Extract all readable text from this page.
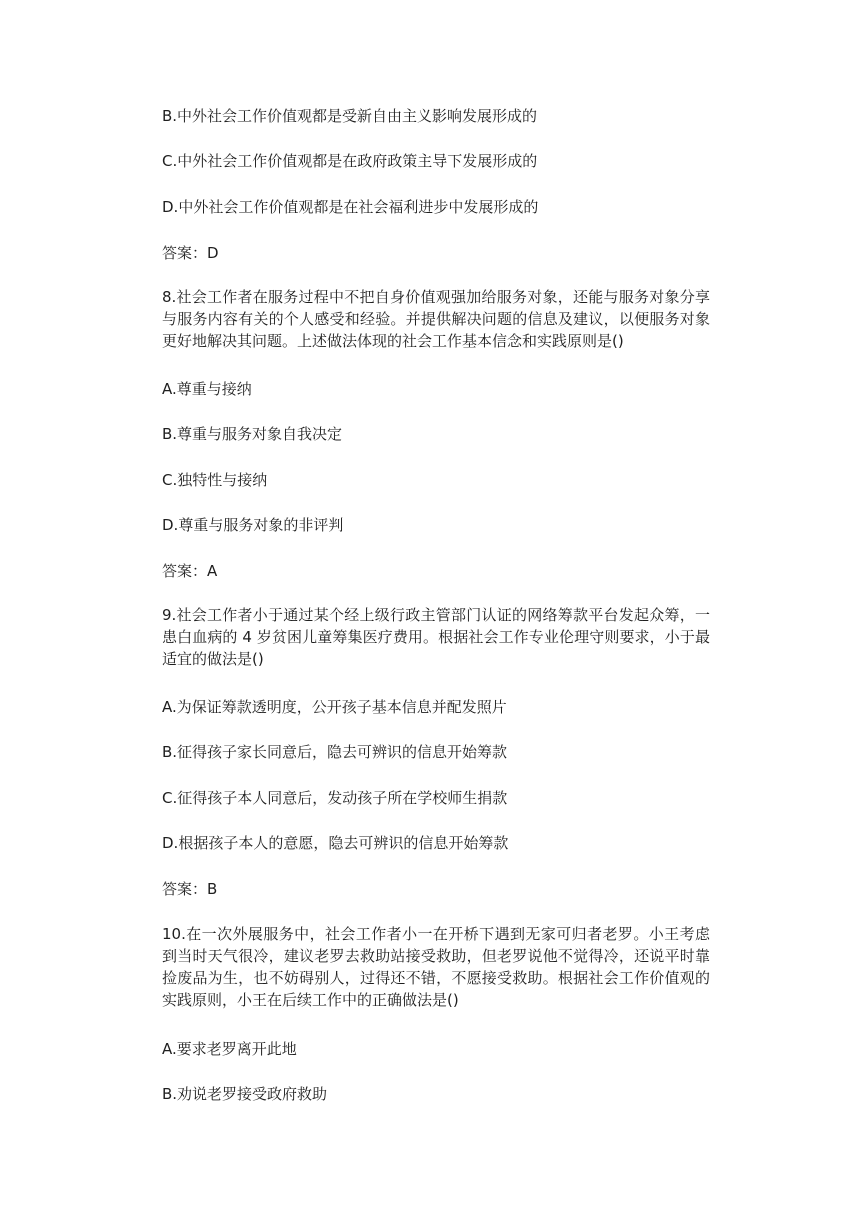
B.中外社会工作价值观都是受新自由主义影响发展形成的
C.中外社会工作价值观都是在政府政策主导下发展形成的
D.中外社会工作价值观都是在社会福利进步中发展形成的
答案：D
8.社会工作者在服务过程中不把自身价值观强加给服务对象，还能与服务对象分享与服务内容有关的个人感受和经验。并提供解决问题的信息及建议，以便服务对象更好地解决其问题。上述做法体现的社会工作基本信念和实践原则是()
A.尊重与接纳
B.尊重与服务对象自我决定
C.独特性与接纳
D.尊重与服务对象的非评判
答案：A
9.社会工作者小于通过某个经上级行政主管部门认证的网络筹款平台发起众筹，一患白血病的 4 岁贫困儿童筹集医疗费用。根据社会工作专业伦理守则要求，小于最适宜的做法是()
A.为保证筹款透明度，公开孩子基本信息并配发照片
B.征得孩子家长同意后，隐去可辨识的信息开始筹款
C.征得孩子本人同意后，发动孩子所在学校师生捐款
D.根据孩子本人的意愿，隐去可辨识的信息开始筹款
答案：B
10.在一次外展服务中，社会工作者小一在开桥下遇到无家可归者老罗。小王考虑到当时天气很冷，建议老罗去救助站接受救助，但老罗说他不觉得冷，还说平时靠捡废品为生，也不妨碍别人，过得还不错，不愿接受救助。根据社会工作价值观的实践原则，小王在后续工作中的正确做法是()
A.要求老罗离开此地
B.劝说老罗接受政府救助
